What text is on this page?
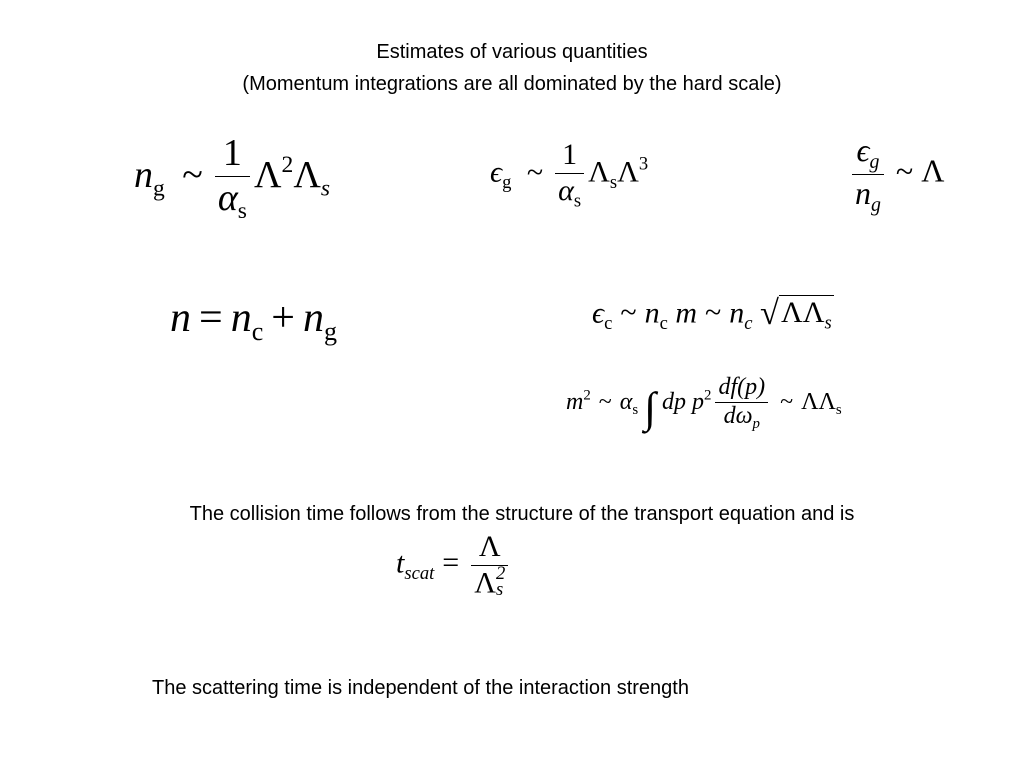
Estimates of various quantities
(Momentum integrations are all dominated by the hard scale)
$n_g$ ~ $\frac{1}{\alpha_s} \Lambda^2\Lambda_s$	$\epsilon_g$ ~ $\frac{1}{\alpha_s} \Lambda_s\Lambda^3$	$\frac{\epsilon_g}{n_g}$ ~ Λ
$n = n_c + n_g$
$\epsilon_c$ ~ $n_c$ m ~ $n_c$ $√\Lambda\Lambda_s$
$m^2$ ~ $\alpha_s$ ∫ dp $p^2 \frac{df(p)}{d\omega_p}$ ~ $\Lambda\Lambda_s$
The collision time follows from the structure of the transport equation and is
$t_{scat} = \Lambda$
Λ 2
s
The scattering time is independent of the interaction strength
